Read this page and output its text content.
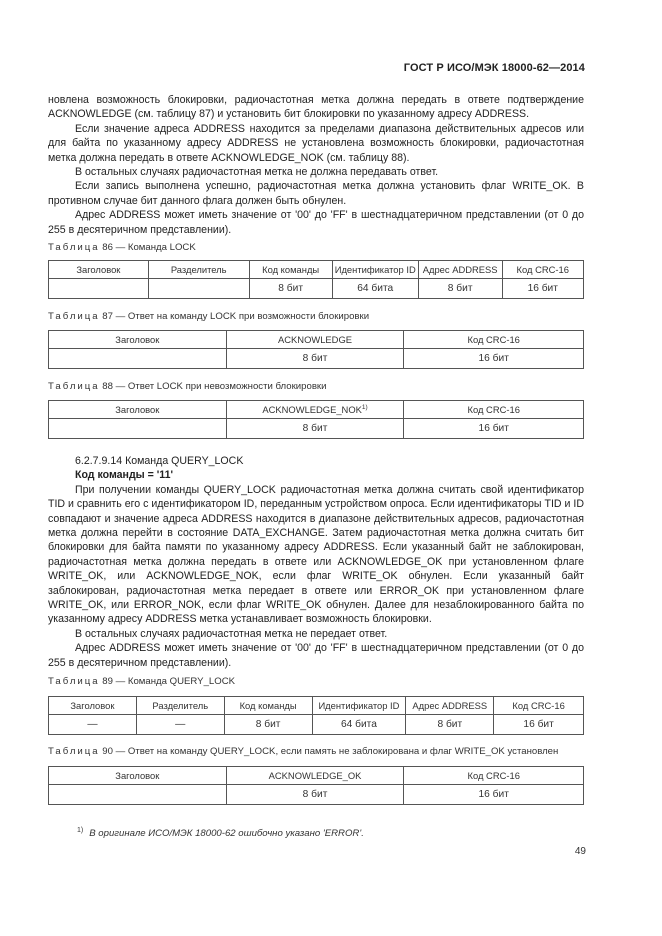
ГОСТ Р ИСО/МЭК 18000-62—2014

новлена возможность блокировки, радиочастотная метка должна передать в ответе подтверждение ACKNOWLEDGE (см. таблицу 87) и установить бит блокировки по указанному адресу ADDRESS.

Если значение адреса ADDRESS находится за пределами диапазона действительных адресов или для байта по указанному адресу ADDRESS не установлена возможность блокировки, радиочастотная метка должна передать в ответе ACKNOWLEDGE_NOK (см. таблицу 88).

В остальных случаях радиочастотная метка не должна передавать ответ.

Если запись выполнена успешно, радиочастотная метка должна установить флаг WRITE_OK. В противном случае бит данного флага должен быть обнулен.

Адрес ADDRESS может иметь значение от '00' до 'FF' в шестнадцатеричном представлении (от 0 до 255 в десятеричном представлении).

Таблица 86 — Команда LOCK
Заголовок	Разделитель	Код команды	Идентификатор ID	Адрес ADDRESS	Код CRC-16
		8 бит	64 бита	8 бит	16 бит
Таблица 87 — Ответ на команду LOCK при возможности блокировки
Заголовок	ACKNOWLEDGE	Код CRC-16
	8 бит	16 бит
Таблица 88 — Ответ LOCK при невозможности блокировки
Заголовок	ACKNOWLEDGE_NOK$^{1)}$	Код CRC-16
	8 бит	16 бит

6.2.7.9.14 Команда QUERY_LOCK

Код команды = '11'

При получении команды QUERY_LOCK радиочастотная метка должна считать свой идентификатор TID и сравнить его с идентификатором ID, переданным устройством опроса. Если идентификаторы TID и ID совпадают и значение адреса ADDRESS находится в диапазоне действительных адресов, радиочастотная метка должна перейти в состояние DATA_EXCHANGE. Затем радиочастотная метка должна считать бит блокировки для байта памяти по указанному адресу ADDRESS. Если указанный байт не заблокирован, радиочастотная метка должна передать в ответе или ACKNOWLEDGE_OK при установленном флаге WRITE_OK, или ACKNOWLEDGE_NOK, если флаг WRITE_OK обнулен. Если указанный байт заблокирован, радиочастотная метка передает в ответе или ERROR_OK при установленном флаге WRITE_OK, или ERROR_NOK, если флаг WRITE_OK обнулен. Далее для незаблокированного байта по указанному адресу ADDRESS метка устанавливает возможность блокировки.

В остальных случаях радиочастотная метка не передает ответ.

Адрес ADDRESS может иметь значение от '00' до 'FF' в шестнадцатеричном представлении (от 0 до 255 в десятеричном представлении).

Таблица 89 — Команда QUERY_LOCK
Заголовок	Разделитель	Код команды	Идентификатор ID	Адрес ADDRESS	Код CRC-16
—	—	8 бит	64 бита	8 бит	16 бит
Таблица 90 — Ответ на команду QUERY_LOCK, если память не заблокирована и флаг WRITE_OK установлен
Заголовок	ACKNOWLEDGE_OK	Код CRC-16
	8 бит	16 бит
$^{1)}$ В оригинале ИСО/МЭК 18000-62 ошибочно указано 'ERROR'.
49
